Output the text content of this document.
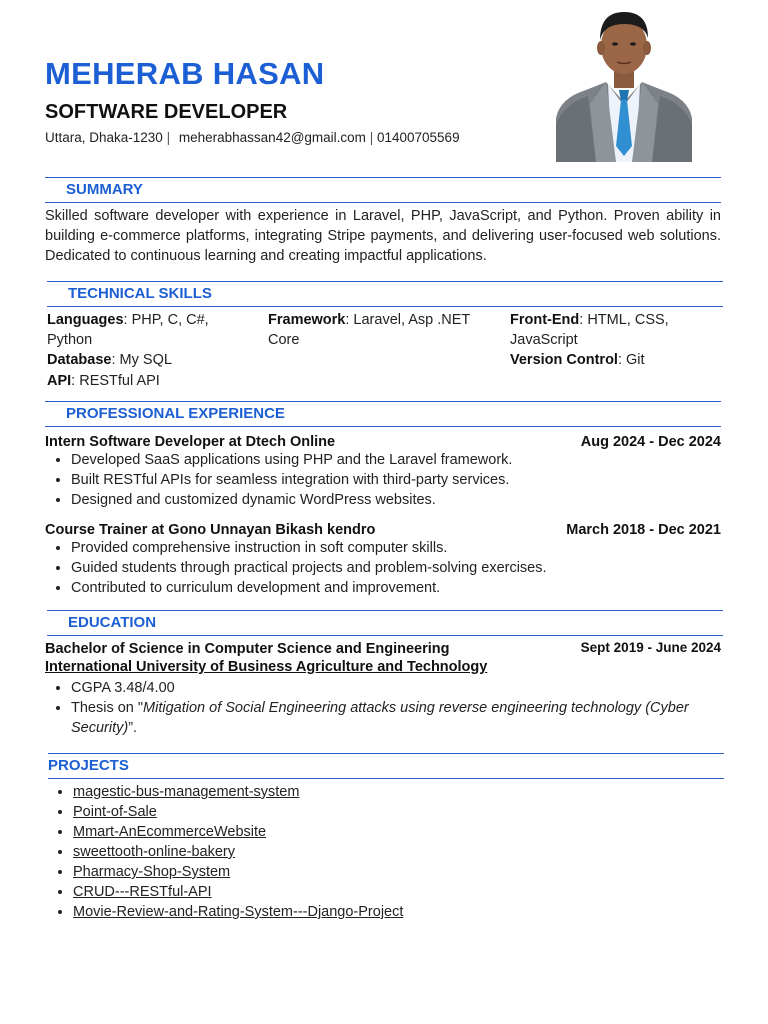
MEHERAB HASAN
SOFTWARE DEVELOPER
Uttara, Dhaka-1230 | meherabhassan42@gmail.com | 01400705569
SUMMARY

Skilled software developer with experience in Laravel, PHP, JavaScript, and Python. Proven ability in building e-commerce platforms, integrating Stripe payments, and delivering user-focused web solutions. Dedicated to continuous learning and creating impactful applications.

TECHNICAL SKILLS
Languages: PHP, C, C#, Python
Database: My SQL
API: RESTful API
Framework: Laravel, Asp .NET Core
Front-End: HTML, CSS, JavaScript
Version Control: Git
PROFESSIONAL EXPERIENCE
Intern Software Developer at Dtech Online	Aug 2024 - Dec 2024
• Developed SaaS applications using PHP and the Laravel framework.
• Built RESTful APIs for seamless integration with third-party services.
• Designed and customized dynamic WordPress websites.
Course Trainer at Gono Unnayan Bikash kendro	March 2018 - Dec 2021
• Provided comprehensive instruction in soft computer skills.
• Guided students through practical projects and problem-solving exercises.
• Contributed to curriculum development and improvement.
EDUCATION
Bachelor of Science in Computer Science and Engineering
International University of Business Agriculture and Technology
Sept 2019 - June 2024
• CGPA 3.48/4.00
• Thesis on "Mitigation of Social Engineering attacks using reverse engineering technology (Cyber Security)”.
PROJECTS
• magestic-bus-management-system
• Point-of-Sale
• Mmart-AnEcommerceWebsite
• sweettooth-online-bakery
• Pharmacy-Shop-System
• CRUD---RESTful-API
• Movie-Review-and-Rating-System---Django-Project
